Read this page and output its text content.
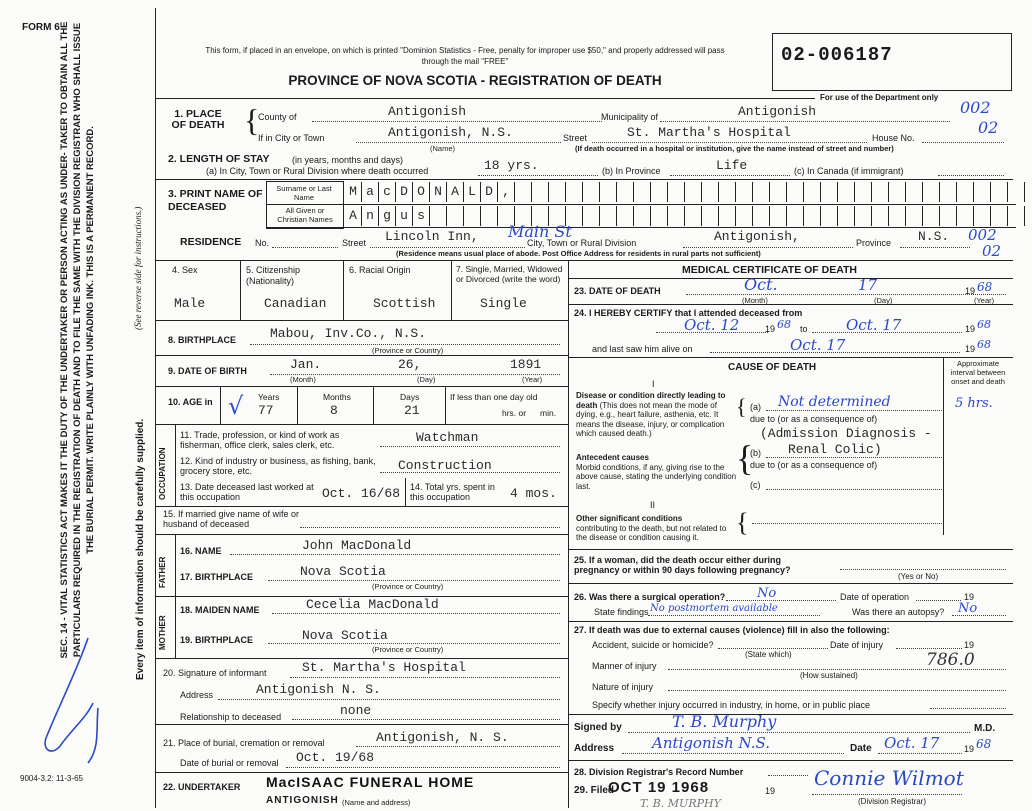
FORM 6
9004-3.2: 11-3-65
This form, if placed in an envelope, on which is printed "Dominion Statistics - Free, penalty for improper use $50," and properly addressed will pass through the mail "FREE"
PROVINCE OF NOVA SCOTIA - REGISTRATION OF DEATH
02-006187
For use of the Department only
002
02
002
02
SEC. 14 - VITAL STATISTICS ACT MAKES IT THE DUTY OF THE UNDERTAKER OR PERSON ACTING AS UNDER- TAKER TO OBTAIN ALL THE PARTICULARS REQUIRED IN THE REGISTRATION OF DEATH AND TO FILE THE SAME WITH THE DIVISION REGISTRAR WHO SHALL ISSUE THE BURIAL PERMIT. WRITE PLAINLY WITH UNFADING INK. THIS IS A PERMANENT RECORD.	(See reverse side for instructions.)
Every item of information should be carefully supplied.
1. PLACE OF DEATH {
County of	Antigonish	Municipality of	Antigonish
If in City or Town	Antigonish, N.S.
(Name)
Street	St. Martha's Hospital	House No.
(If death occurred in a hospital or institution, give the name instead of street and number)
2. LENGTH OF STAY (in years, months and days)
(a) In City, Town or Rural Division where death occurred	18 yrs.	(b) In Province	Life	(c) In Canada (if immigrant)
3. PRINT NAME OF DECEASED
Surname or Last Name
All Given or Christian Names
M a c D O N A L D ,
A n g u s
RESIDENCE No.	Street Lincoln Inn, Main St
City, Town or Rural Division	Antigonish,	Province N.S.
(Residence means usual place of abode. Post Office Address for residents in rural parts not sufficient)
4. Sex
Male
5. Citizenship (Nationality)
Canadian
6. Racial Origin
Scottish
7. Single, Married, Widowed or Divorced (write the word)
Single
8. BIRTHPLACE	Mabou, Inv.Co., N.S.
(Province or Country)
9. DATE OF BIRTH	Jan.	26,	1891
(Month)	(Day)	(Year)
10. AGE in	Years
77
√	Months
8
Days
21
If less than one day old
hrs. or min.
OCCUPATION
11. Trade, profession, or kind of work as fisherman, office clerk, sales clerk, etc.	Watchman
12. Kind of industry or business, as fishing, bank, grocery store, etc.	Construction
13. Date deceased last worked at this occupation	Oct. 16/68 14. Total yrs. spent in this occupation	4 mos.
15. If married give name of wife or husband of deceased
FATHER
16. NAME	John MacDonald
17. BIRTHPLACE	Nova Scotia
(Province or Country)
MOTHER
18. MAIDEN NAME	Cecelia MacDonald
19. BIRTHPLACE	Nova Scotia
(Province or Country)
20. Signature of informant	St. Martha's Hospital
Address	Antigonish N. S.
Relationship to deceased	none
21. Place of burial, cremation or removal	Antigonish, N. S.
Date of burial or removal Oct. 19/68
22. UNDERTAKER MacISAAC FUNERAL HOME
ANTIGONISH (Name and address)
MEDICAL CERTIFICATE OF DEATH
23. DATE OF DEATH	Oct.	17	19 68
(Month)	(Day)	(Year)
24. I HEREBY CERTIFY that I attended deceased from
Oct. 12	19 68 to	Oct. 17	19 68
and last saw him alive on	Oct. 17	19 68
CAUSE OF DEATH	Approximate interval between onset and death
I
Disease or condition directly leading to death (This does not mean the mode of dying, e.g., heart failure, asthenia, etc. It means the disease, injury, or complication which caused death.)
{ (a) Not determined	5 hrs.
due to (or as a consequence of)
(Admission Diagnosis -
Renal Colic)
Antecedent causes
Morbid conditions, if any, giving rise to the above cause, stating the underlying condition last.
(b)
due to (or as a consequence of)
(c)
{
II
Other significant conditions
contributing to the death, but not related to the disease or condition causing it.
{
25. If a woman, did the death occur either during pregnancy or within 90 days following pregnancy?
(Yes or No)
26. Was there a surgical operation? No	Date of operation	19
State findings No postmortem available	Was there an autopsy? No
27. If death was due to external causes (violence) fill in also the following:
Accident, suicide or homicide?
(State which)
Date of injury	19
Manner of injury	786.0
(How sustained)
Nature of injury
Specify whether injury occurred in industry, in home, or in public place
Signed by	T. B. Murphy	M.D.
Address	Antigonish N.S.	Date Oct. 17	19 68
28. Division Registrar's Record Number
29. Filed
OCT 19 1968
T. B. MURPHY
19
Connie Wilmot
(Division Registrar)
